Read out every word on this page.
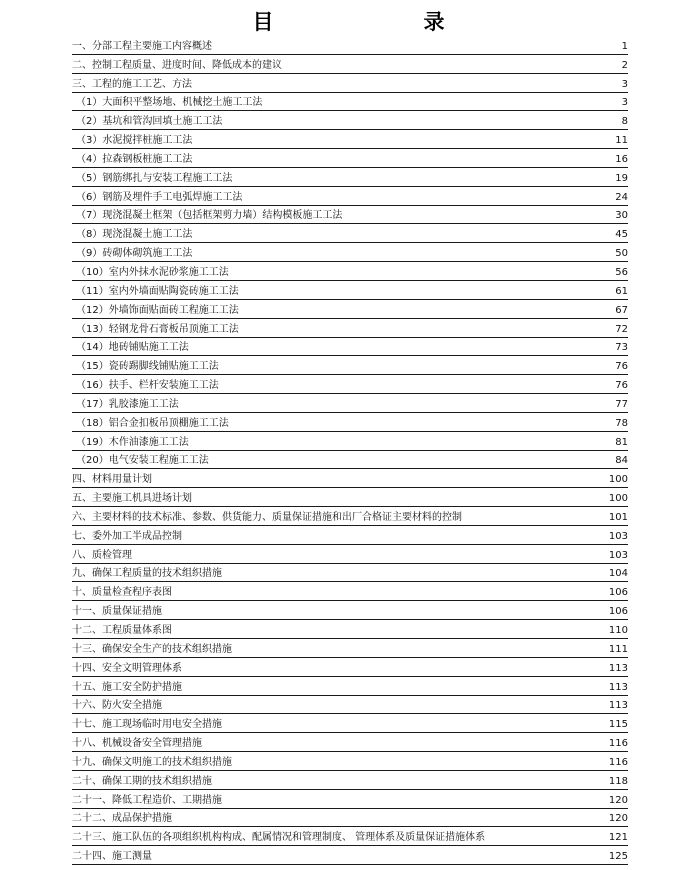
目　　录
一、分部工程主要施工内容概述	1
二、控制工程质量、进度时间、降低成本的建议	2
三、工程的施工工艺、方法	3
（1）大面积平整场地、机械挖土施工工法	3
（2）基坑和管沟回填土施工工法	8
（3）水泥搅拌桩施工工法	11
（4）拉森钢板桩施工工法	16
（5）钢筋绑扎与安装工程施工工法	19
（6）钢筋及埋件手工电弧焊施工工法	24
（7）现浇混凝土框架（包括框架剪力墙）结构模板施工工法	30
（8）现浇混凝土施工工法	45
（9）砖砌体砌筑施工工法	50
（10）室内外抹水泥砂浆施工工法	56
（11）室内外墙面贴陶瓷砖施工工法	61
（12）外墙饰面贴面砖工程施工工法	67
（13）轻钢龙骨石膏板吊顶施工工法	72
（14）地砖铺贴施工工法	73
（15）瓷砖踢脚线铺贴施工工法	76
（16）扶手、栏杆安装施工工法	76
（17）乳胶漆施工工法	77
（18）铝合金扣板吊顶棚施工工法	78
（19）木作油漆施工工法	81
（20）电气安装工程施工工法	84
四、材料用量计划	100
五、主要施工机具进场计划	100
六、主要材料的技术标准、参数、供货能力、质量保证措施和出厂合格证主要材料的控制	101
七、委外加工半成品控制	103
八、质检管理	103
九、确保工程质量的技术组织措施	104
十、质量检查程序表图	106
十一、质量保证措施	106
十二、工程质量体系图	110
十三、确保安全生产的技术组织措施	111
十四、安全文明管理体系	113
十五、施工安全防护措施	113
十六、防火安全措施	113
十七、施工现场临时用电安全措施	115
十八、机械设备安全管理措施	116
十九、确保文明施工的技术组织措施	116
二十、确保工期的技术组织措施	118
二十一、降低工程造价、工期措施	120
二十二、成品保护措施	120
二十三、施工队伍的各项组织机构构成、配属情况和管理制度、 管理体系及质量保证措施体系	121
二十四、施工测量	125
